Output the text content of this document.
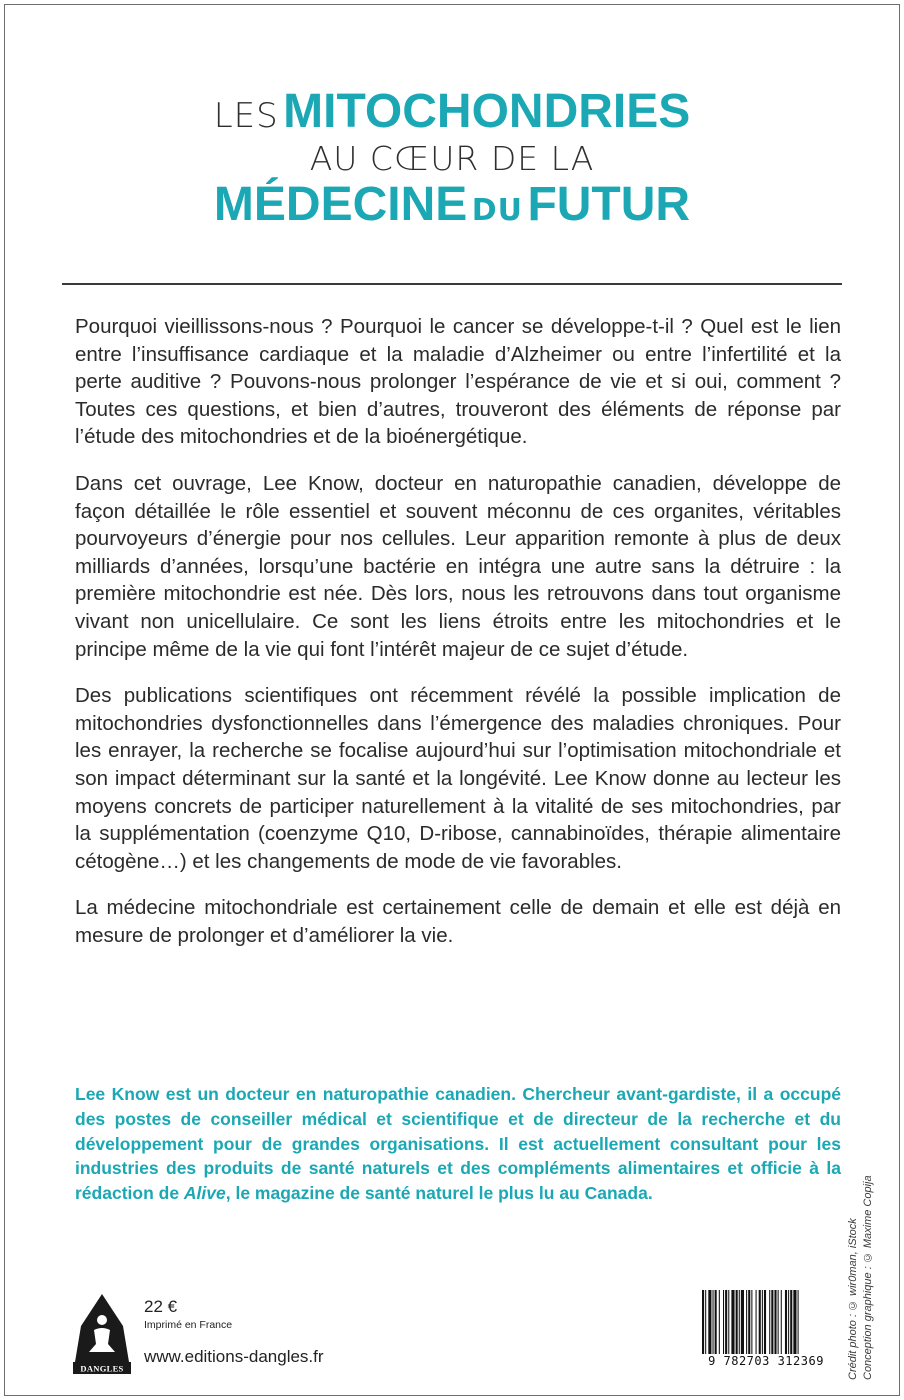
LES MITOCHONDRIES
AU CŒUR DE LA
MÉDECINE DU FUTUR

Pourquoi vieillissons-nous ? Pourquoi le cancer se développe-t-il ? Quel est le lien entre l’insuffisance cardiaque et la maladie d’Alzheimer ou entre l’infertilité et la perte auditive ? Pouvons-nous prolonger l’espérance de vie et si oui, comment ? Toutes ces questions, et bien d’autres, trouveront des éléments de réponse par l’étude des mitochondries et de la bioénergétique.

Dans cet ouvrage, Lee Know, docteur en naturopathie canadien, développe de façon détaillée le rôle essentiel et souvent méconnu de ces organites, véritables pourvoyeurs d’énergie pour nos cellules. Leur apparition remonte à plus de deux milliards d’années, lorsqu’une bactérie en intégra une autre sans la détruire : la première mitochondrie est née. Dès lors, nous les retrouvons dans tout organisme vivant non unicellulaire. Ce sont les liens étroits entre les mitochondries et le principe même de la vie qui font l’intérêt majeur de ce sujet d’étude.

Des publications scientifiques ont récemment révélé la possible implication de mitochondries dysfonctionnelles dans l’émergence des maladies chroniques. Pour les enrayer, la recherche se focalise aujourd’hui sur l’optimisation mitochondriale et son impact déterminant sur la santé et la longévité. Lee Know donne au lecteur les moyens concrets de participer naturellement à la vitalité de ses mitochondries, par la supplémentation (coenzyme Q10, D-ribose, cannabinoïdes, thérapie alimentaire cétogène…) et les changements de mode de vie favorables.

La médecine mitochondriale est certainement celle de demain et elle est déjà en mesure de prolonger et d’améliorer la vie.

Lee Know est un docteur en naturopathie canadien. Chercheur avant-gardiste, il a occupé des postes de conseiller médical et scientifique et de directeur de la recherche et du développement pour de grandes organisations. Il est actuellement consultant pour les industries des produits de santé naturels et des compléments alimentaires et officie à la rédaction de Alive, le magazine de santé naturel le plus lu au Canada.
Crédit photo : © wir0man, iStock Conception graphique : © Maxime Copija
DANGLES
22 €
Imprimé en France
www.editions-dangles.fr	9 782703 312369
